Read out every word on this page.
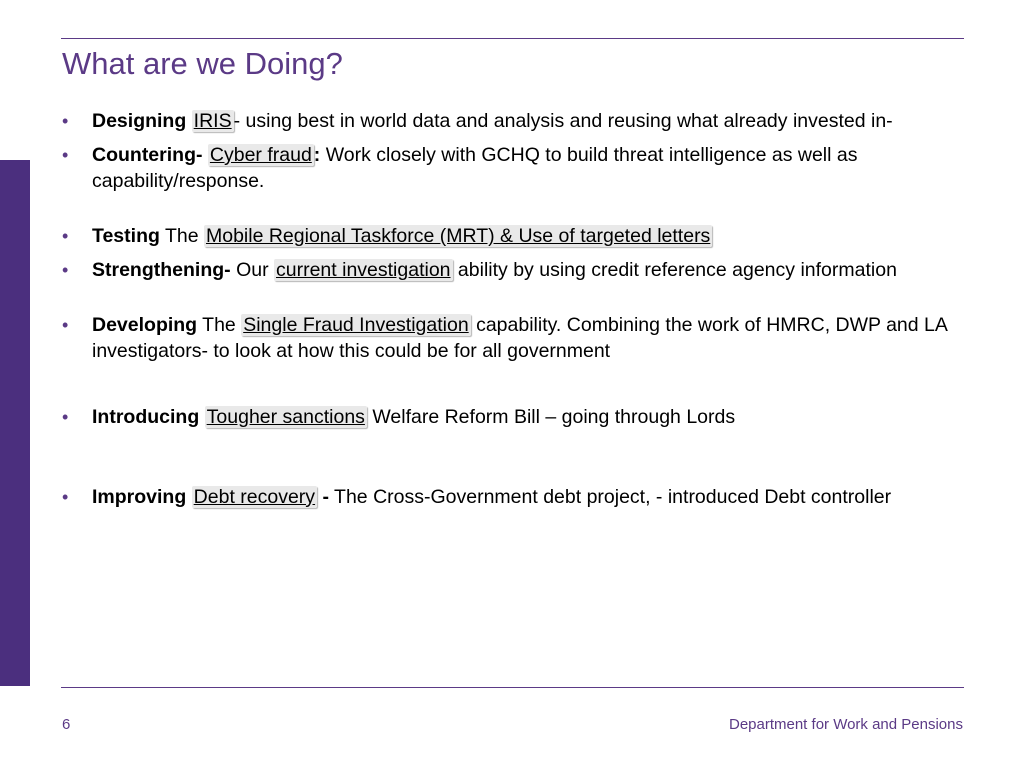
What are we Doing?
• Designing IRIS - using best in world data and analysis and reusing what already invested in-
• Countering- Cyber fraud : Work closely with GCHQ to build threat intelligence as well as capability/response.
• Testing The Mobile Regional Taskforce (MRT) & Use of targeted letters
• Strengthening- Our current investigation ability by using credit reference agency information
• Developing The Single Fraud Investigation capability. Combining the work of HMRC, DWP and LA investigators- to look at how this could be for all government
• Introducing Tougher sanctions Welfare Reform Bill – going through Lords
• Improving Debt recovery - The Cross-Government debt project, - introduced Debt controller
6	Department for Work and Pensions
